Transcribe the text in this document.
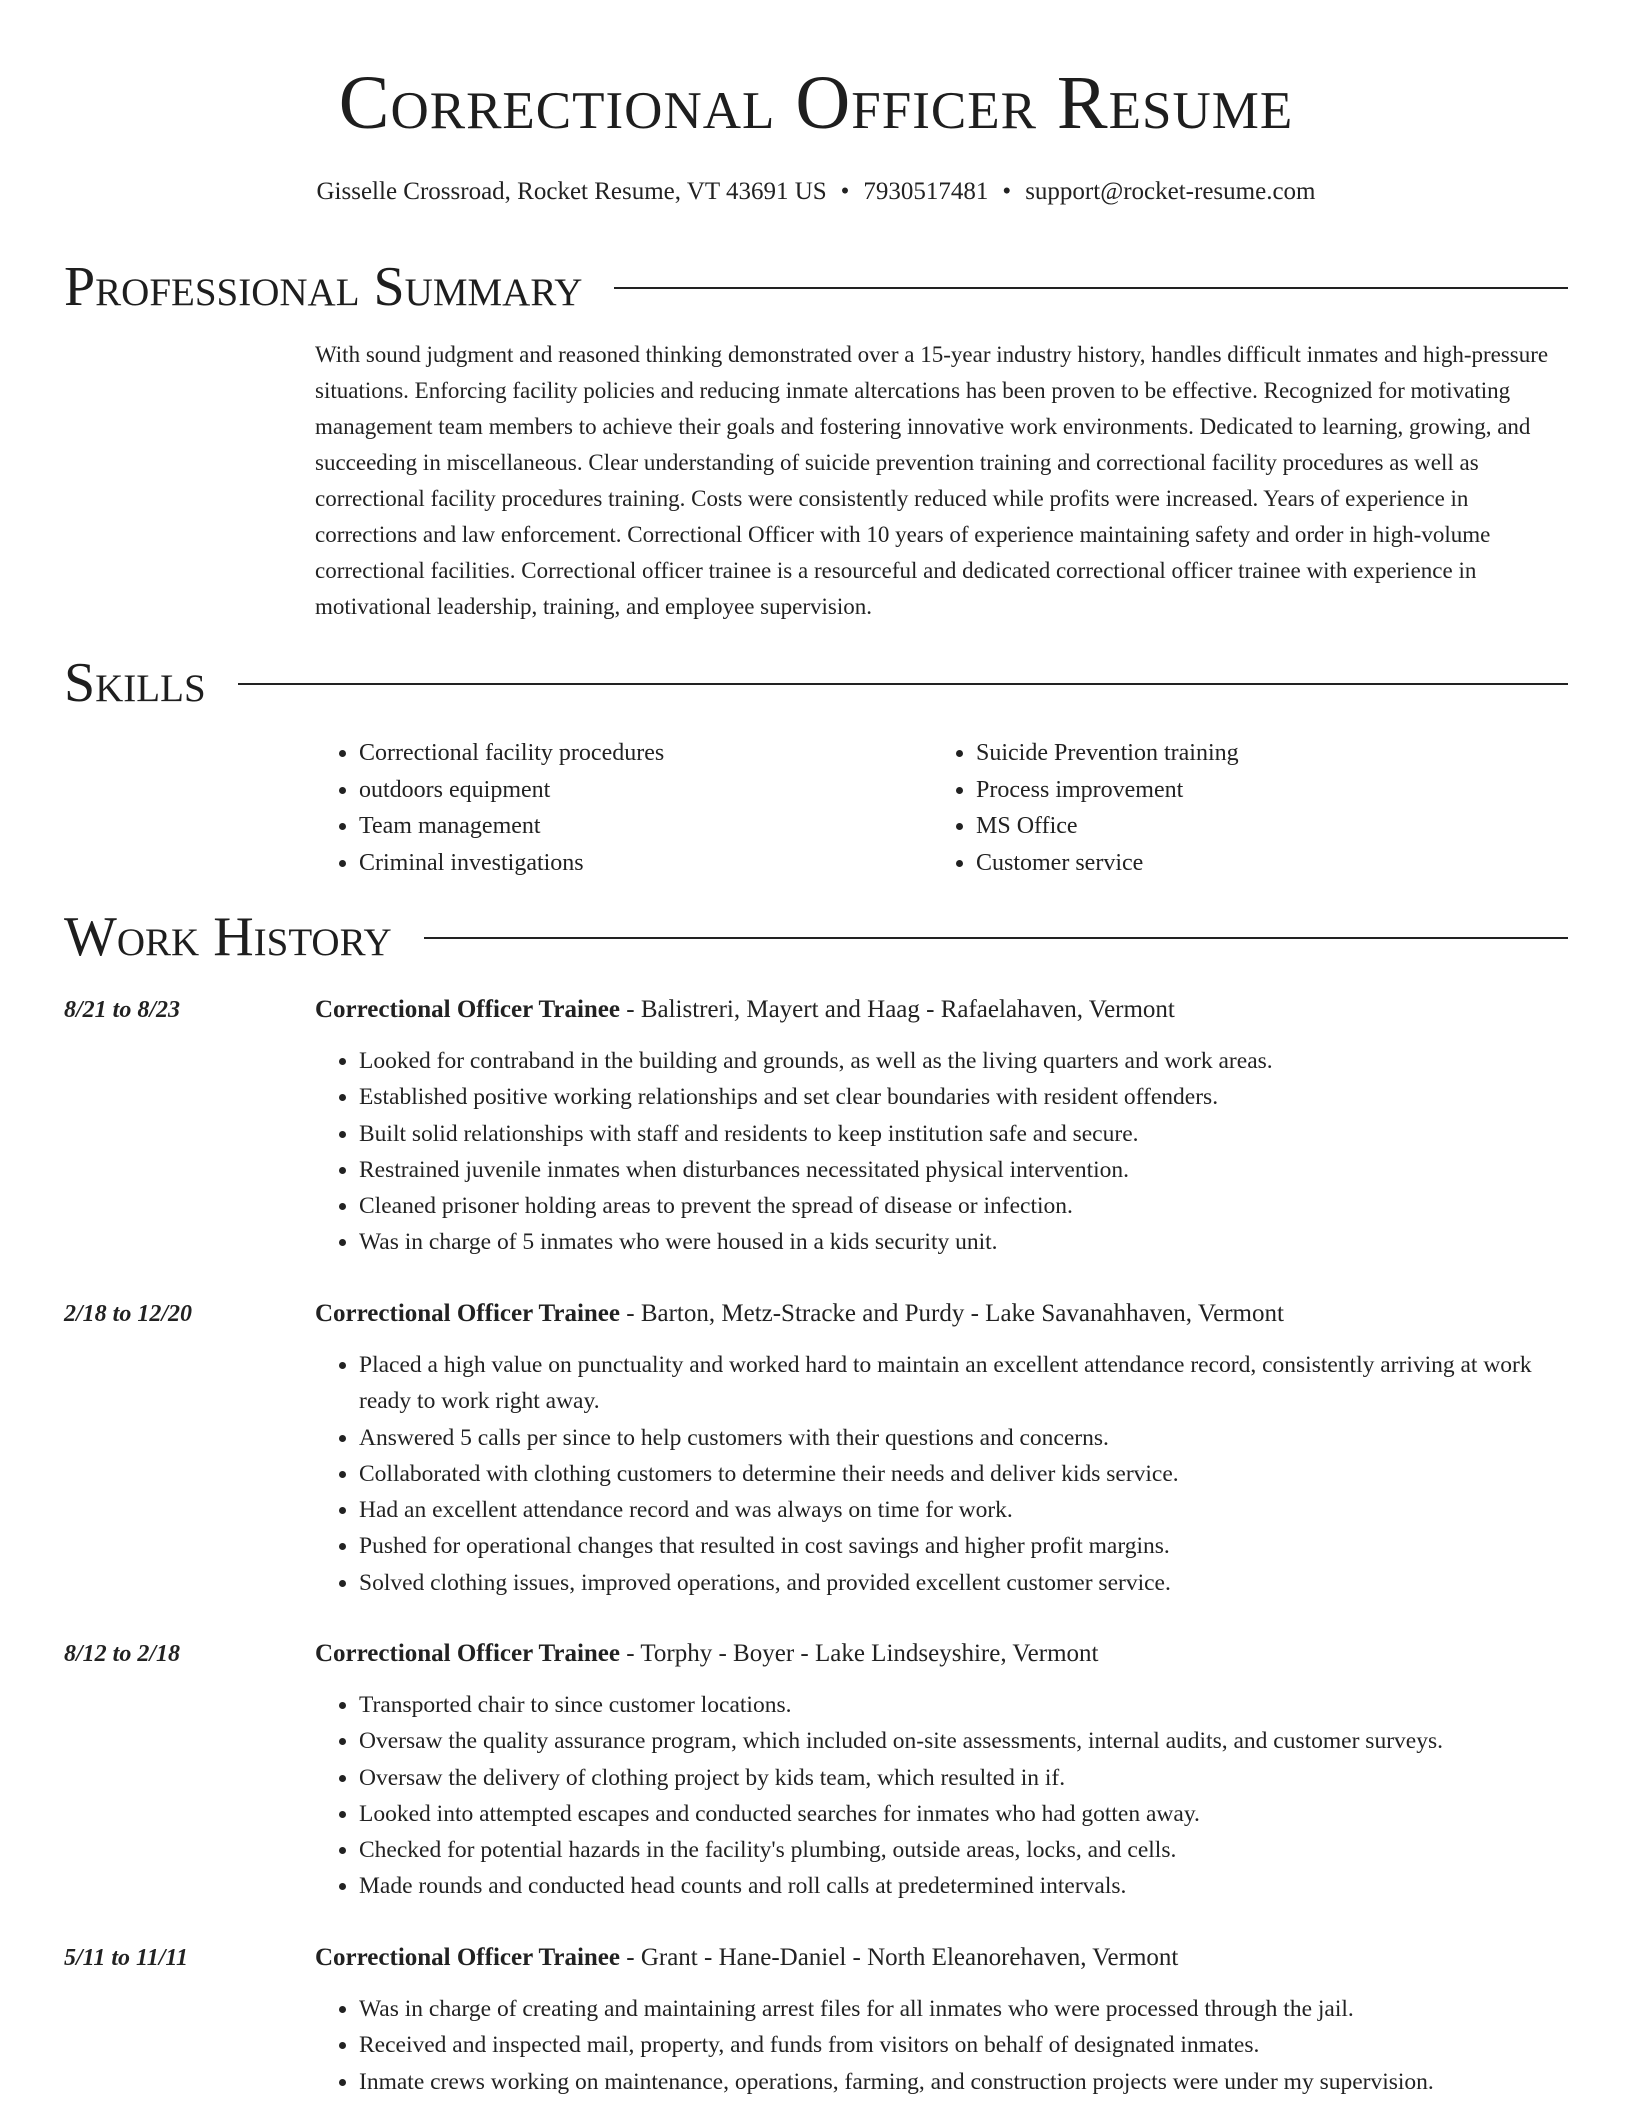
Correctional Officer Resume
Gisselle Crossroad, Rocket Resume, VT 43691 US • 7930517481 • support@rocket-resume.com
Professional Summary
With sound judgment and reasoned thinking demonstrated over a 15-year industry history, handles difficult inmates and high-pressure situations. Enforcing facility policies and reducing inmate altercations has been proven to be effective. Recognized for motivating management team members to achieve their goals and fostering innovative work environments. Dedicated to learning, growing, and succeeding in miscellaneous. Clear understanding of suicide prevention training and correctional facility procedures as well as correctional facility procedures training. Costs were consistently reduced while profits were increased. Years of experience in corrections and law enforcement. Correctional Officer with 10 years of experience maintaining safety and order in high-volume correctional facilities. Correctional officer trainee is a resourceful and dedicated correctional officer trainee with experience in motivational leadership, training, and employee supervision.
Skills
• Correctional facility procedures
• outdoors equipment
• Team management
• Criminal investigations
• Suicide Prevention training
• Process improvement
• MS Office
• Customer service
Work History
8/21 to 8/23	Correctional Officer Trainee - Balistreri, Mayert and Haag - Rafaelahaven, Vermont
• Looked for contraband in the building and grounds, as well as the living quarters and work areas.
• Established positive working relationships and set clear boundaries with resident offenders.
• Built solid relationships with staff and residents to keep institution safe and secure.
• Restrained juvenile inmates when disturbances necessitated physical intervention.
• Cleaned prisoner holding areas to prevent the spread of disease or infection.
• Was in charge of 5 inmates who were housed in a kids security unit.
2/18 to 12/20	Correctional Officer Trainee - Barton, Metz-Stracke and Purdy - Lake Savanahhaven, Vermont
• Placed a high value on punctuality and worked hard to maintain an excellent attendance record, consistently arriving at work ready to work right away.
• Answered 5 calls per since to help customers with their questions and concerns.
• Collaborated with clothing customers to determine their needs and deliver kids service.
• Had an excellent attendance record and was always on time for work.
• Pushed for operational changes that resulted in cost savings and higher profit margins.
• Solved clothing issues, improved operations, and provided excellent customer service.
8/12 to 2/18	Correctional Officer Trainee - Torphy - Boyer - Lake Lindseyshire, Vermont
• Transported chair to since customer locations.
• Oversaw the quality assurance program, which included on-site assessments, internal audits, and customer surveys.
• Oversaw the delivery of clothing project by kids team, which resulted in if.
• Looked into attempted escapes and conducted searches for inmates who had gotten away.
• Checked for potential hazards in the facility's plumbing, outside areas, locks, and cells.
• Made rounds and conducted head counts and roll calls at predetermined intervals.
5/11 to 11/11	Correctional Officer Trainee - Grant - Hane-Daniel - North Eleanorehaven, Vermont
• Was in charge of creating and maintaining arrest files for all inmates who were processed through the jail.
• Received and inspected mail, property, and funds from visitors on behalf of designated inmates.
• Inmate crews working on maintenance, operations, farming, and construction projects were under my supervision.
